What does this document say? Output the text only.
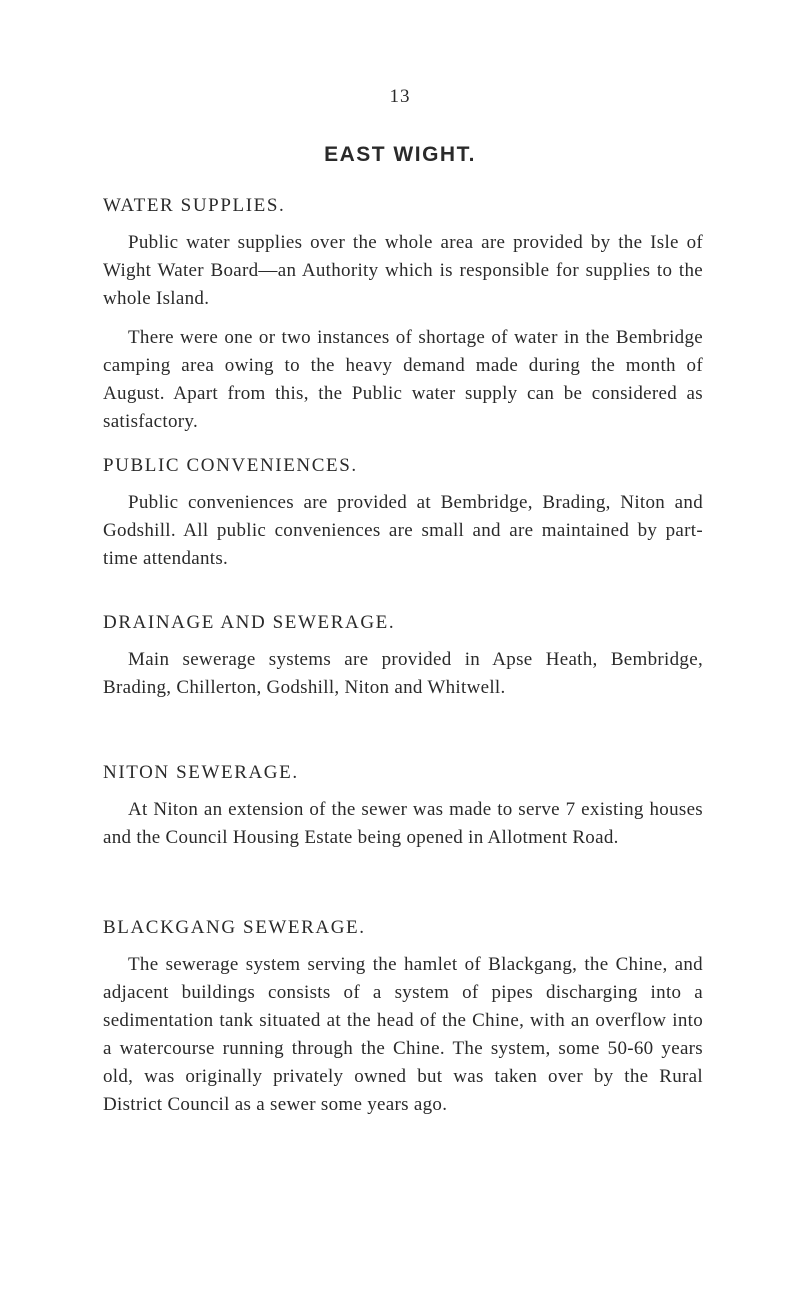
13
EAST WIGHT.
WATER SUPPLIES.

Public water supplies over the whole area are provided by the Isle of Wight Water Board—an Authority which is responsible for supplies to the whole Island.

There were one or two instances of shortage of water in the Bembridge camping area owing to the heavy demand made during the month of August. Apart from this, the Public water supply can be considered as satisfactory.

PUBLIC CONVENIENCES.

Public conveniences are provided at Bembridge, Brading, Niton and Godshill. All public conveniences are small and are maintained by part-time attendants.

DRAINAGE AND SEWERAGE.

Main sewerage systems are provided in Apse Heath, Bembridge, Brading, Chillerton, Godshill, Niton and Whitwell.

NITON SEWERAGE.

At Niton an extension of the sewer was made to serve 7 existing houses and the Council Housing Estate being opened in Allotment Road.

BLACKGANG SEWERAGE.

The sewerage system serving the hamlet of Blackgang, the Chine, and adjacent buildings consists of a system of pipes discharging into a sedimentation tank situated at the head of the Chine, with an overflow into a watercourse running through the Chine. The system, some 50-60 years old, was originally privately owned but was taken over by the Rural District Council as a sewer some years ago.
